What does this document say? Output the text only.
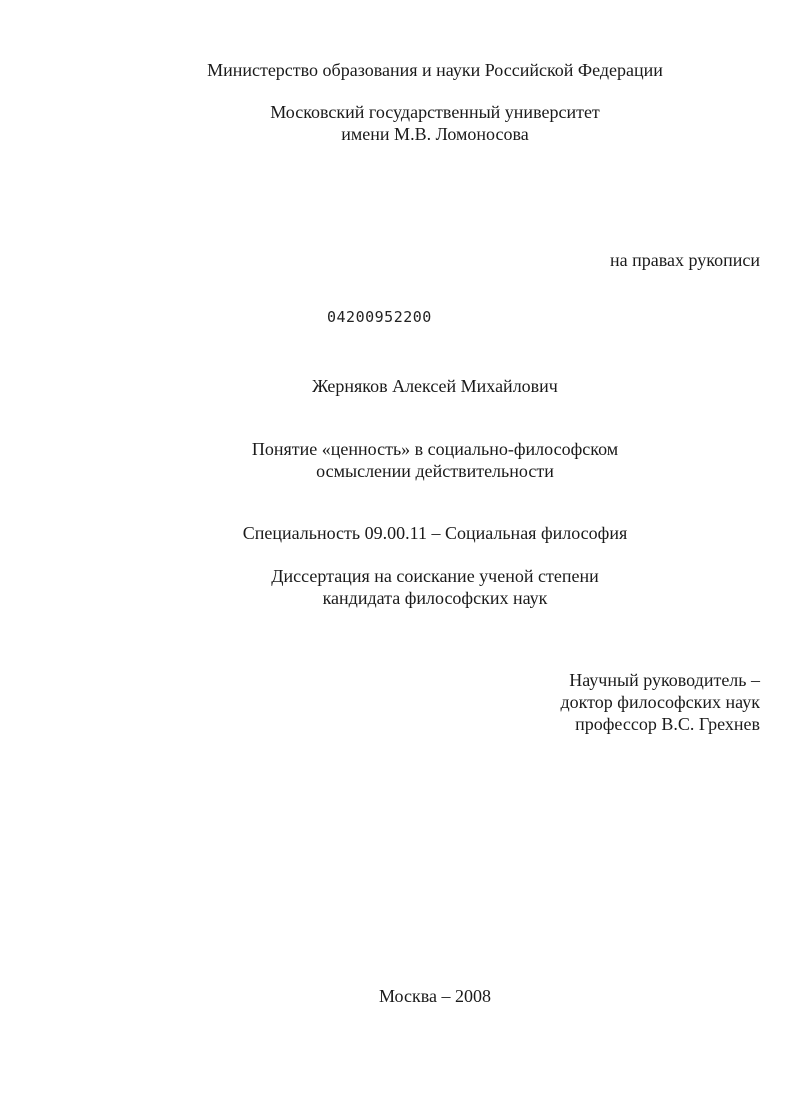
Министерство образования и науки Российской Федерации
Московский государственный университет
имени М.В. Ломоносова
на правах рукописи
04200952200
Жерняков Алексей Михайлович
Понятие «ценность» в социально-философском
осмыслении действительности
Специальность 09.00.11 – Социальная философия
Диссертация на соискание ученой степени
кандидата философских наук
Научный руководитель –
доктор философских наук
профессор В.С. Грехнев
Москва – 2008
